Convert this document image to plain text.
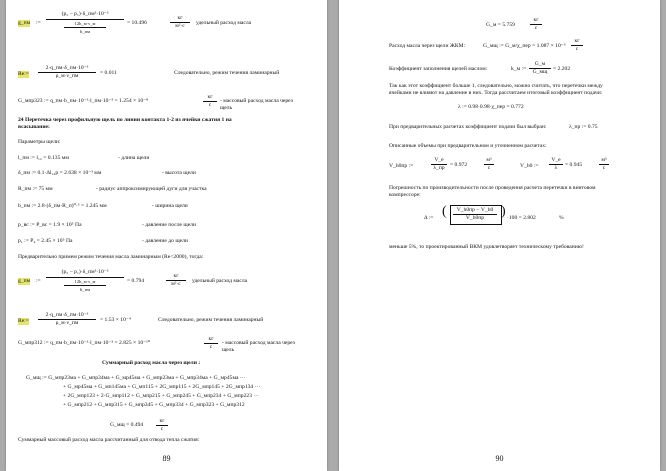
g_пм :=
(p₂ − p₁)·δ_пм³·10⁻³
12h_м·ν_м
b_пм
= 10.496
кг
м²·с	удельный расход масла
Re:=
2·q_пм·δ_пм·10⁻³
ρ_м·ν_пм	= 0.011	Следовательно, режим течения ламинарный
G_мпр323 := q_пм·b_пм·10⁻³·l_пм·10⁻³ = 1.254 × 10⁻⁸
кг
с
- массовый расход масла через
щель
24 Перетечка через профильную щель по линии контакта 1-2 из ячейки сжатия 1 на
всасывание:
Параметры щели:
l_пм := l₁₂ = 0.135 мм	- длина щели
δ_пм := 0.1·Δl₁₂р = 2.638 × 10⁻³ мм	- высота щели
R_пм := 75 мм	- радиус аппроксимирующей дуги для участка
b_пм := 2.8·(δ_пм·R_п)⁰·⁵ = 1.245 мм	- ширина щели
p_вс := P_вс = 1.9 × 10⁵ Па	- давление после щели
p₁ := P₄ = 2.45 × 10⁵ Па	- давление до щели
Предварительно примем режим течения масла ламинарным (Re<2000), тогда:
g_пм :=
(p₂ − p₁)·δ_пм³·10⁻³
12h_м·ν_м
b_пм
= 0.794
кг
м²·с	удельный расход масла
Re:=
2·q_пм·δ_пм·10⁻³
ρ_м·ν_пм	= 1.53 × 10⁻⁴	Следовательно, режим течения ламинарный
G_мпр312 := q_пм·b_пм·10⁻³·l_пм·10⁻³ = 2.825 × 10⁻¹⁰
кг
с
- массовый расход масла через
щель
Суммарный расход масла через щели :
G_мщ := G_мпр23ма + G_мпр34ма + G_мр45ма + G_мпр23ма + G_мпр34ма + G_мр45ма ···
+ G_мр45ма + G_мп145ма + G_мп115 + 2G_мпр115 + 2G_мпр145 + 2G_мпр134 ···
+ 2G_мпр123 + 2·G_мпр112 + G_мпр215 + G_мпр245 + G_мпр234 + G_мпр223 ···
+ G_мпр212 + G_мпр315 + G_мпр345 + G_мпр334 + G_мпр323 + G_мпр312
G_мщ = 0.494
кг
с
Суммарный массовый расход масла рассчитанный для отвода тепла сжатия:
89
G_м = 5.759
кг
с
Расход масла через щели ЖКМ:	G_мщ := G_м/χ_пер = 1.087 × 10⁻³
кг
с
Коэффициент заполнения щелей маслом:	k_м :=
G_м
G_мщ	= 2.202
Так как этот коэффициент больше 1, следовательно, можно считать, что перетечки между
ячейками не влияют на давление в них. Тогда рассчитаем итоговый коэффициент подачи:
λ := 0.98·0.98·χ_пер = 0.772
При предварительных расчетах коэффициент подачи был выбран:	λ_пр := 0.75
Описанные объемы при предварительном и уточненном расчетах:
V_h0пр :=
V_e
λ_пр = 0.972
м³
с	V_h0 :=
V_e
λ	= 0.945
м³
с
Погрешность по производительности после проведения расчета перетечки в винтовом
компрессоре:
Δ := (	V_h0пр − V_h0
V_h0пр	) ·100 = 2.802	%
меньше 5%, то проектированный ВКМ удовлетворяет техническому требованию!
90
